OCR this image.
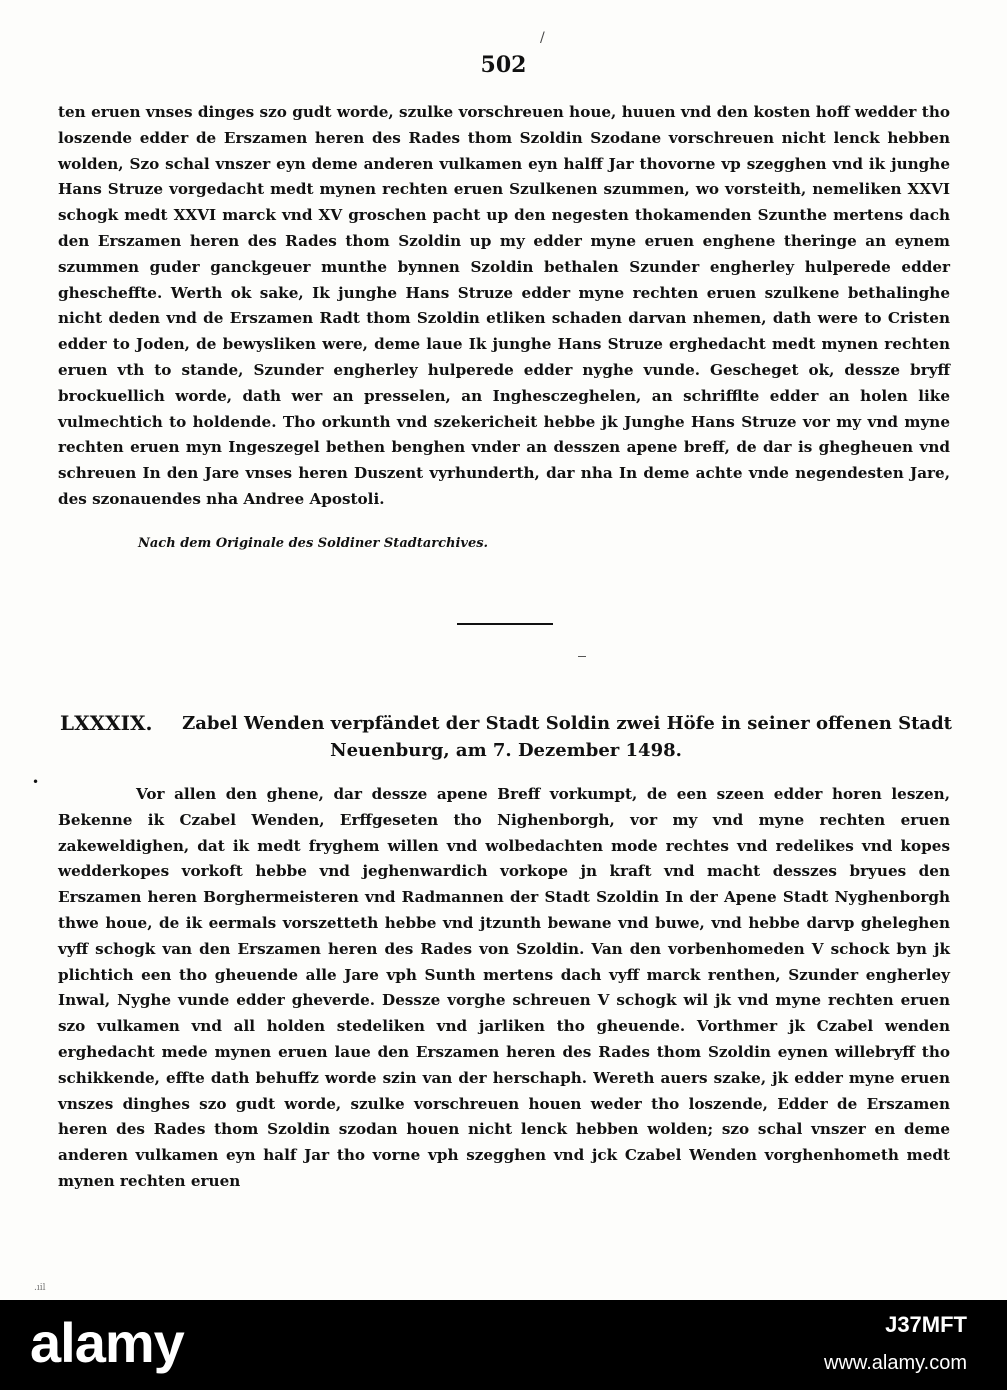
/
502
ten eruen vnses dinges szo gudt worde, szulke vorschreuen houe, huuen vnd den kosten hoff wedder tho loszende edder de Erszamen heren des Rades thom Szoldin Szodane vorschreuen nicht lenck hebben wolden, Szo schal vnszer eyn deme anderen vulkamen eyn halff Jar thovorne vp szegghen vnd ik junghe Hans Struze vorgedacht medt mynen rechten eruen Szulkenen szummen, wo vorsteith, nemeliken XXVI schogk medt XXVI marck vnd XV groschen pacht up den negesten thokamenden Szunthe mertens dach den Erszamen heren des Rades thom Szoldin up my edder myne eruen enghene theringe an eynem szummen guder ganckgeuer munthe bynnen Szoldin bethalen Szunder engherley hulperede edder ghescheffte. Werth ok sake, Ik junghe Hans Struze edder myne rechten eruen szulkene bethalinghe nicht deden vnd de Erszamen Radt thom Szoldin etliken schaden darvan nhemen, dath were to Cristen edder to Joden, de bewysliken were, deme laue Ik junghe Hans Struze erghedacht medt mynen rechten eruen vth to stande, Szunder engherley hulperede edder nyghe vunde. Gescheget ok, dessze bryff brockuellich worde, dath wer an presselen, an Inghesczeghelen, an schrifflte edder an holen like vulmechtich to holdende. Tho orkunth vnd szekericheit hebbe jk Junghe Hans Struze vor my vnd myne rechten eruen myn Ingeszegel bethen benghen vnder an desszen apene breff, de dar is ghegheuen vnd schreuen In den Jare vnses heren Duszent vyrhunderth, dar nha In deme achte vnde negendesten Jare, des szonauendes nha Andree Apostoli.
Nach dem Originale des Soldiner Stadtarchives.
LXXXIX. Zabel Wenden verpfändet der Stadt Soldin zwei Höfe in seiner offenen Stadt
Neuenburg, am 7. Dezember 1498.
•
Vor allen den ghene, dar dessze apene Breff vorkumpt, de een szeen edder horen leszen, Bekenne ik Czabel Wenden, Erffgeseten tho Nighenborgh, vor my vnd myne rechten eruen zakeweldighen, dat ik medt fryghem willen vnd wolbedachten mode rechtes vnd redelikes vnd kopes wedderkopes vorkoft hebbe vnd jeghenwardich vorkope jn kraft vnd macht desszes bryues den Erszamen heren Borghermeisteren vnd Radmannen der Stadt Szoldin In der Apene Stadt Nyghenborgh thwe houe, de ik eermals vorszetteth hebbe vnd jtzunth bewane vnd buwe, vnd hebbe darvp gheleghen vyff schogk van den Erszamen heren des Rades von Szoldin. Van den vorbenhomeden V schock byn jk plichtich een tho gheuende alle Jare vph Sunth mertens dach vyff marck renthen, Szunder engherley Inwal, Nyghe vunde edder gheverde. Dessze vorghe schreuen V schogk wil jk vnd myne rechten eruen szo vulkamen vnd all holden stedeliken vnd jarliken tho gheuende. Vorthmer jk Czabel wenden erghedacht mede mynen eruen laue den Erszamen heren des Rades thom Szoldin eynen willebryff tho schikkende, effte dath behuffz worde szin van der herschaph. Wereth auers szake, jk edder myne eruen vnszes dinghes szo gudt worde, szulke vorschreuen houen weder tho loszende, Edder de Erszamen heren des Rades thom Szoldin szodan houen nicht lenck hebben wolden; szo schal vnszer en deme anderen vulkamen eyn half Jar tho vorne vph szegghen vnd jck Czabel Wenden vorghenhometh medt mynen rechten eruen
.ıil
alamy	J37MFT
www.alamy.com
